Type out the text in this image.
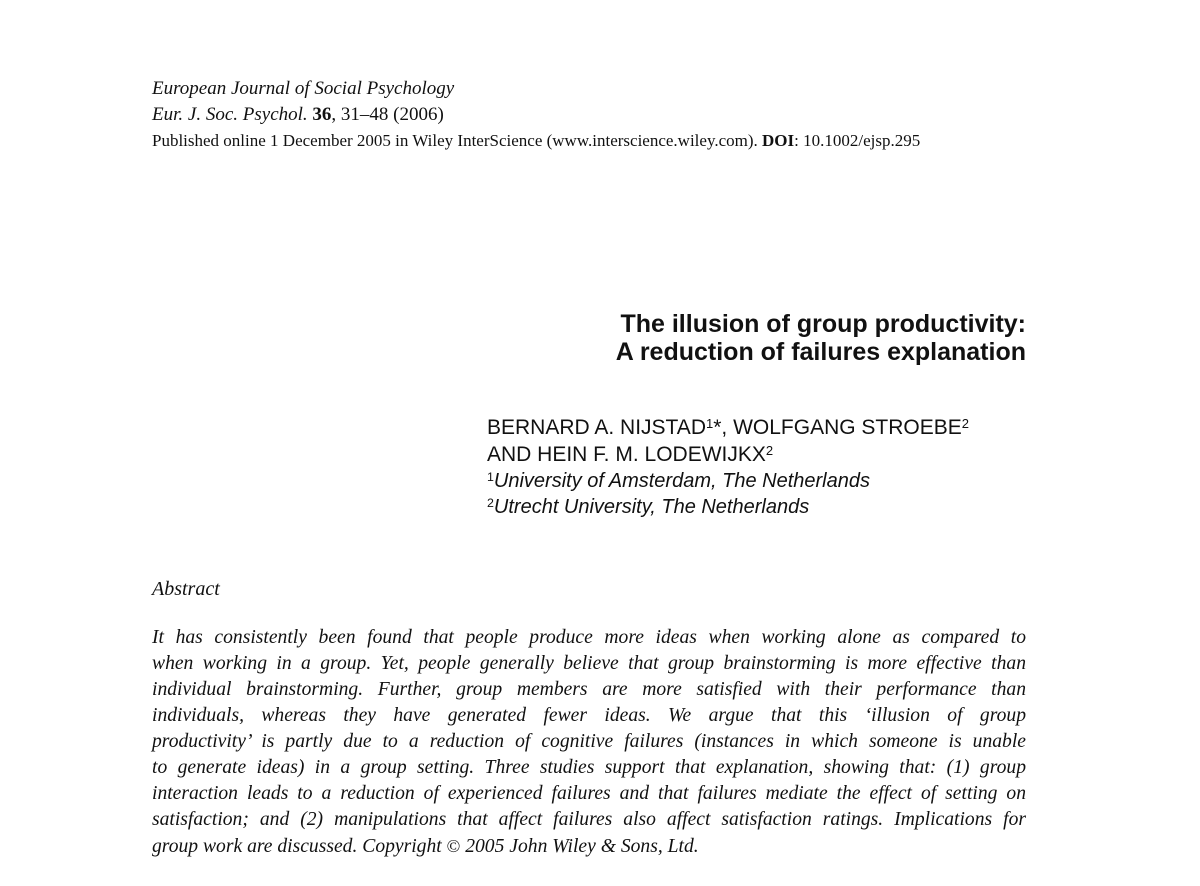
European Journal of Social Psychology
Eur. J. Soc. Psychol. 36, 31–48 (2006)
Published online 1 December 2005 in Wiley InterScience (www.interscience.wiley.com). DOI: 10.1002/ejsp.295
The illusion of group productivity:
A reduction of failures explanation
BERNARD A. NIJSTAD$^1$*, WOLFGANG STROEBE$^2$
AND HEIN F. M. LODEWIJKX$^2$
$^1$University of Amsterdam, The Netherlands
$^2$Utrecht University, The Netherlands
Abstract
It has consistently been found that people produce more ideas when working alone as compared to
when working in a group. Yet, people generally believe that group brainstorming is more effective than
individual brainstorming. Further, group members are more satisfied with their performance than
individuals, whereas they have generated fewer ideas. We argue that this ‘illusion of group
productivity’ is partly due to a reduction of cognitive failures (instances in which someone is unable
to generate ideas) in a group setting. Three studies support that explanation, showing that: (1) group
interaction leads to a reduction of experienced failures and that failures mediate the effect of setting on
satisfaction; and (2) manipulations that affect failures also affect satisfaction ratings. Implications for
group work are discussed. Copyright © 2005 John Wiley & Sons, Ltd.
